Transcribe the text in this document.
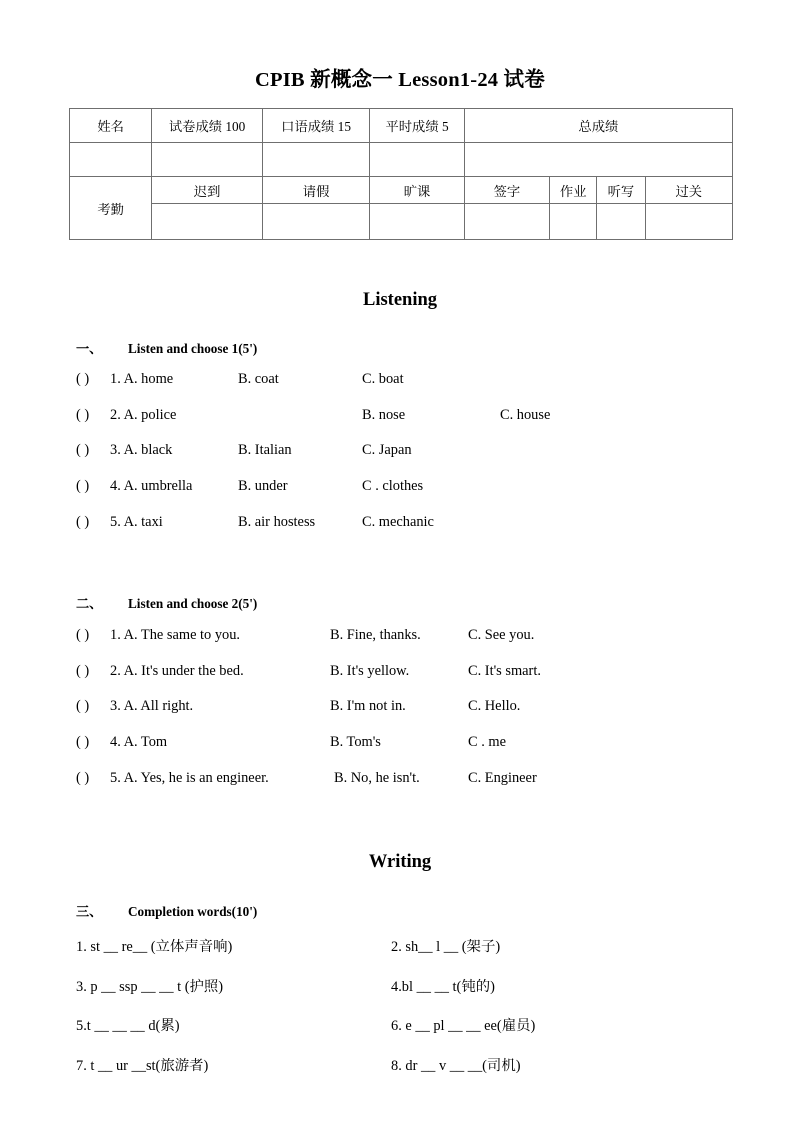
CPIB 新概念一 Lesson1-24 试卷
姓名	试卷成绩 100	口语成绩 15	平时成绩 5	总成绩			

考勤	迟到	请假	旷课	签字	作业	听写	过关

Listening
一、 Listen and choose 1(5')
( ) 1. A. home	B. coat	C. boat
( ) 2. A. police	B. nose	C. house
( ) 3. A. black	B. Italian	C. Japan
( ) 4. A. umbrella	B. under	C . clothes
( ) 5. A. taxi	B. air hostess	C. mechanic
二、 Listen and choose 2(5')
( ) 1. A. The same to you.	B. Fine, thanks.	C. See you.
( ) 2. A. It's under the bed.	B. It's yellow.	C. It's smart.
( ) 3. A. All right.	B. I'm not in.	C. Hello.
( ) 4. A. Tom	B. Tom's	C . me
( ) 5. A. Yes, he is an engineer.	B. No, he isn't.	C. Engineer
Writing
三、 Completion words(10')
1. st __ re__ (立体声音响)	2. sh__ l __ (架子)
3. p __ ssp __ __ t (护照)	4.bl __ __ t(钝的)
5.t __ __ __ d(累)	6. e __ pl __ __ ee(雇员)
7. t __ ur __st(旅游者)	8. dr __ v __ __(司机)
